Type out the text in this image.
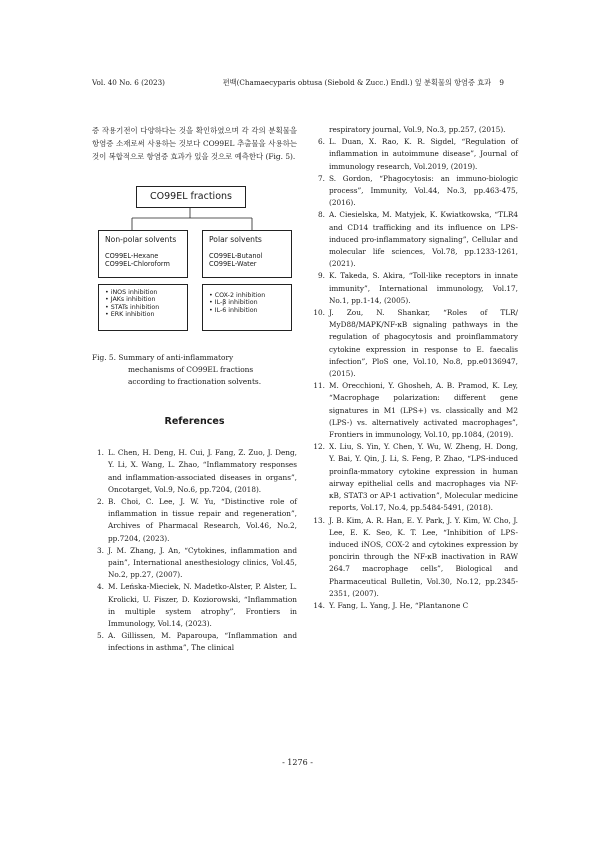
Vol. 40 No. 6 (2023)	편백(Chamaecyparis obtusa (Siebold & Zucc.) Endl.) 잎 분획물의 항염증 효과 9

증 작용기전이 다양하다는 것을 확인하였으며 각 각의 분획물을 항염증 소재로써 사용하는 것보다 CO99EL 추출물을 사용하는 것이 복합적으로 항염증 효과가 있을 것으로 예측한다 (Fig. 5).

CO99EL fractions
Non-polar solvents
CO99EL-Hexane
CO99EL-Chloroform
Polar solvents
CO99EL-Butanol
CO99EL-Water
• iNOS inhibition
• JAKs inhibition
• STATs inhibition
• ERK inhibition
• COX-2 inhibition
• IL-β inhibition
• IL-6 inhibition
Fig. 5. Summary of anti-inflammatory
mechanisms of CO99EL fractions
according to fractionation solvents.
References

1. L. Chen, H. Deng, H. Cui, J. Fang, Z. Zuo, J. Deng, Y. Li, X. Wang, L. Zhao, “Inflammatory responses and inflammation-associated diseases in organs”, Oncotarget, Vol.9, No.6, pp.7204, (2018).

2. B. Choi, C. Lee, J. W. Yu, “Distinctive role of inflammation in tissue repair and regeneration”, Archives of Pharmacal Research, Vol.46, No.2, pp.7204, (2023).

3. J. M. Zhang, J. An, “Cytokines, inflammation and pain”, International anesthesiology clinics, Vol.45, No.2, pp.27, (2007).

4. M. Leńska-Mieciek, N. Madetko-Alster, P. Alster, L. Krolicki, U. Fiszer, D. Koziorowski, “Inflammation in multiple system atrophy”, Frontiers in Immunology, Vol.14, (2023).

5. A. Gillissen, M. Paparoupa, “Inflammation and infections in asthma”, The clinical

respiratory journal, Vol.9, No.3, pp.257, (2015).

6. L. Duan, X. Rao, K. R. Sigdel, “Regulation of inflammation in autoimmune disease”, Journal of immunology research, Vol.2019, (2019).

7. S. Gordon, “Phagocytosis: an immuno-biologic process”, Immunity, Vol.44, No.3, pp.463-475, (2016).

8. A. Ciesielska, M. Matyjek, K. Kwiatkowska, “TLR4 and CD14 trafficking and its influence on LPS-induced pro-inflammatory signaling”, Cellular and molecular life sciences, Vol.78, pp.1233-1261, (2021).

9. K. Takeda, S. Akira, “Toll-like receptors in innate immunity”, International immunology, Vol.17, No.1, pp.1-14, (2005).

10. J. Zou, N. Shankar, “Roles of TLR/ MyD88/MAPK/NF-κB signaling pathways in the regulation of phagocytosis and proinflammatory cytokine expression in response to E. faecalis infection”, PloS one, Vol.10, No.8, pp.e0136947, (2015).

11. M. Orecchioni, Y. Ghosheh, A. B. Pramod, K. Ley, “Macrophage polarization: different gene signatures in M1 (LPS+) vs. classically and M2 (LPS-) vs. alternatively activated macrophages”, Frontiers in immunology, Vol.10, pp.1084, (2019).

12. X. Liu, S. Yin, Y. Chen, Y. Wu, W. Zheng, H. Dong, Y. Bai, Y. Qin, J. Li, S. Feng, P. Zhao, “LPS-induced proinfla-mmatory cytokine expression in human airway epithelial cells and macrophages via NF-κB, STAT3 or AP-1 activation”, Molecular medicine reports, Vol.17, No.4, pp.5484-5491, (2018).

13. J. B. Kim, A. R. Han, E. Y. Park, J. Y. Kim, W. Cho, J. Lee, E. K. Seo, K. T. Lee, “Inhibition of LPS-induced iNOS, COX-2 and cytokines expression by poncirin through the NF-κB inactivation in RAW 264.7 macrophage cells”, Biological and Pharmaceutical Bulletin, Vol.30, No.12, pp.2345-2351, (2007).

14. Y. Fang, L. Yang, J. He, “Plantanone C

- 1276 -
